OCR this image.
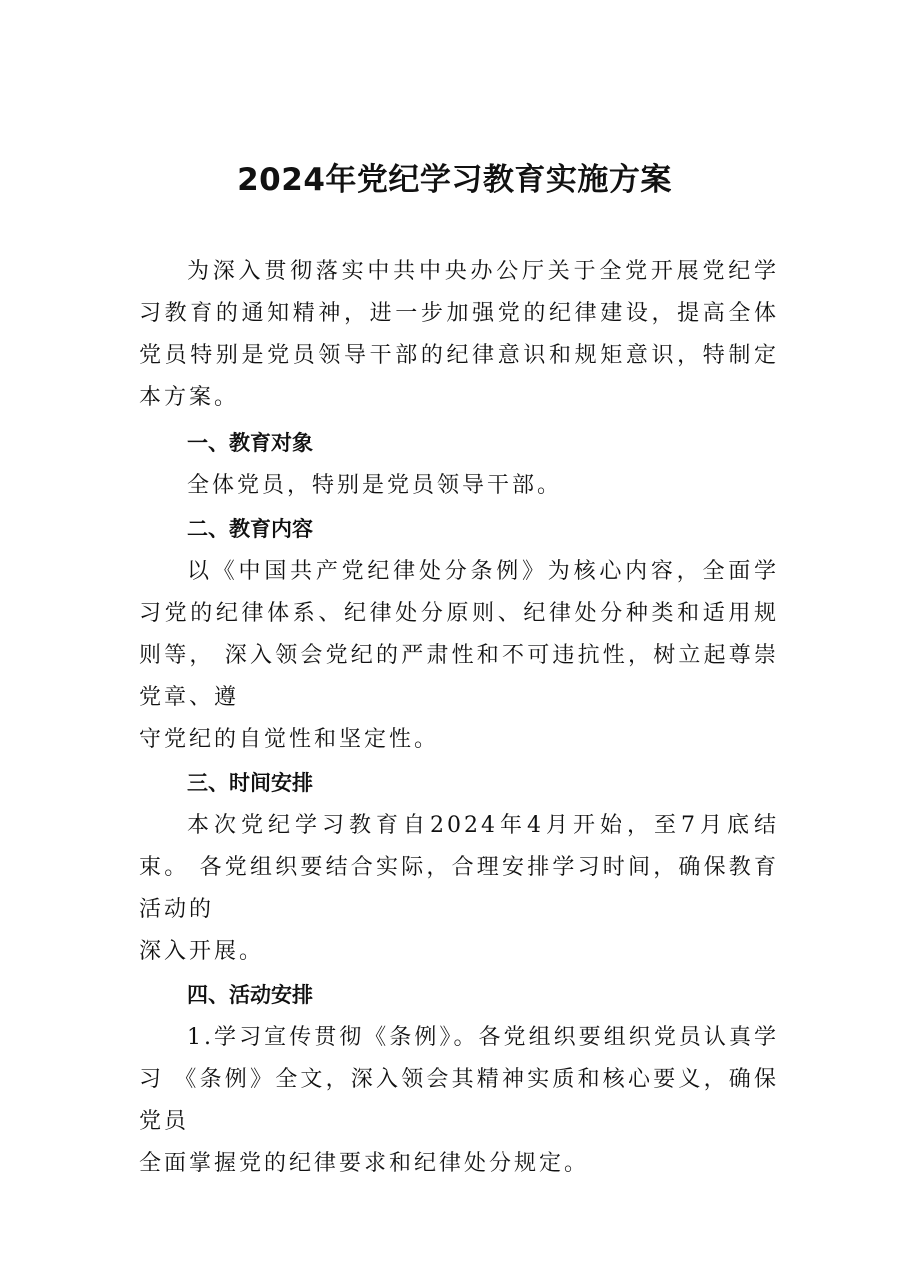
2024年党纪学习教育实施方案

为深入贯彻落实中共中央办公厅关于全党开展党纪学习教育的通知精神，进一步加强党的纪律建设，提高全体党员特别是党员领导干部的纪律意识和规矩意识，特制定本方案。

一、教育对象

全体党员，特别是党员领导干部。

二、教育内容

以《中国共产党纪律处分条例》为核心内容，全面学习党的纪律体系、纪律处分原则、纪律处分种类和适用规则等， 深入领会党纪的严肃性和不可违抗性，树立起尊崇党章、遵

守党纪的自觉性和坚定性。

三、时间安排

本次党纪学习教育自2024年4月开始，至7月底结束。 各党组织要结合实际，合理安排学习时间，确保教育活动的

深入开展。

四、活动安排

1.学习宣传贯彻《条例》。各党组织要组织党员认真学习 《条例》全文，深入领会其精神实质和核心要义，确保党员

全面掌握党的纪律要求和纪律处分规定。
